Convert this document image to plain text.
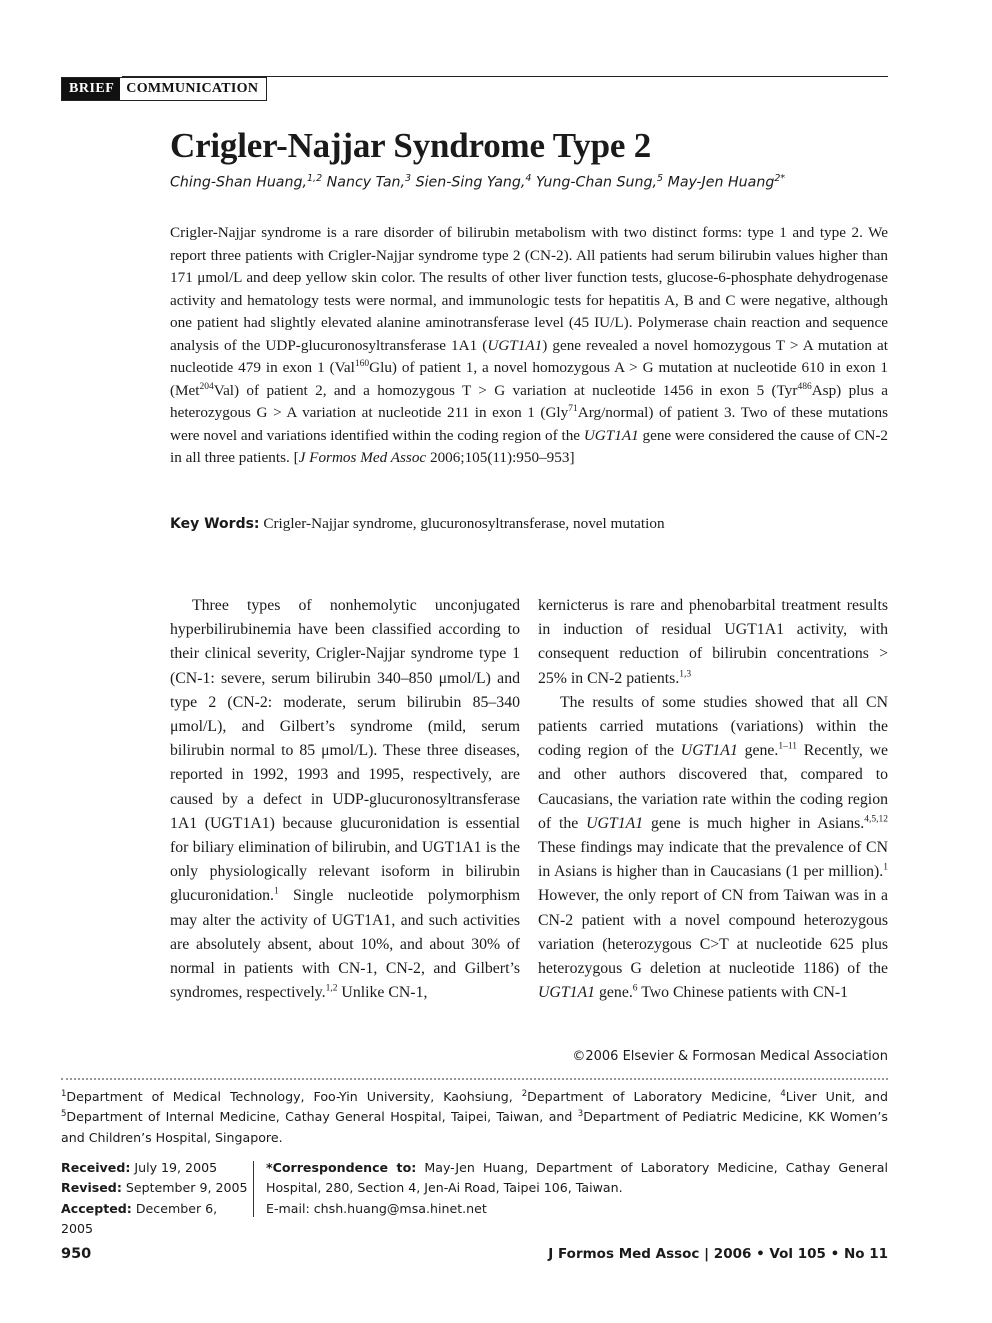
BRIEF COMMUNICATION
Crigler-Najjar Syndrome Type 2
Ching-Shan Huang,$^{1,2}$ Nancy Tan,$^3$ Sien-Sing Yang,$^4$ Yung-Chan Sung,$^5$ May-Jen Huang$^{2*}$

Crigler-Najjar syndrome is a rare disorder of bilirubin metabolism with two distinct forms: type 1 and type 2. We report three patients with Crigler-Najjar syndrome type 2 (CN-2). All patients had serum bilirubin values higher than 171 μmol/L and deep yellow skin color. The results of other liver function tests, glucose-6-phosphate dehydrogenase activity and hematology tests were normal, and immunologic tests for hepatitis A, B and C were negative, although one patient had slightly elevated alanine aminotransferase level (45 IU/L). Polymerase chain reaction and sequence analysis of the UDP-glucuronosyltransferase 1A1 (UGT1A1) gene revealed a novel homozygous T > A mutation at nucleotide 479 in exon 1 (Val$^{160}$Glu) of patient 1, a novel homozygous A > G mutation at nucleotide 610 in exon 1 (Met$^{204}$Val) of patient 2, and a homozygous T > G variation at nucleotide 1456 in exon 5 (Tyr$^{486}$Asp) plus a heterozygous G > A variation at nucleotide 211 in exon 1 (Gly$^{71}$Arg/normal) of patient 3. Two of these mutations were novel and variations identified within the coding region of the UGT1A1 gene were considered the cause of CN-2 in all three patients. [J Formos Med Assoc 2006;105(11):950–953]

Key Words: Crigler-Najjar syndrome, glucuronosyltransferase, novel mutation

Three types of nonhemolytic unconjugated hyperbilirubinemia have been classified according to their clinical severity, Crigler-Najjar syndrome type 1 (CN-1: severe, serum bilirubin 340–850 μmol/L) and type 2 (CN-2: moderate, serum bilirubin 85–340 μmol/L), and Gilbert’s syndrome (mild, serum bilirubin normal to 85 μmol/L). These three diseases, reported in 1992, 1993 and 1995, respectively, are caused by a defect in UDP-glucuronosyltransferase 1A1 (UGT1A1) because glucuronidation is essential for biliary elimination of bilirubin, and UGT1A1 is the only physiologically relevant isoform in bilirubin glucuronidation.$^1$ Single nucleotide polymorphism may alter the activity of UGT1A1, and such activities are absolutely absent, about 10%, and about 30% of normal in patients with CN-1, CN-2, and Gilbert’s syndromes, respectively.$^{1,2}$ Unlike CN-1,

kernicterus is rare and phenobarbital treatment results in induction of residual UGT1A1 activity, with consequent reduction of bilirubin concentrations > 25% in CN-2 patients.$^{1,3}$

The results of some studies showed that all CN patients carried mutations (variations) within the coding region of the UGT1A1 gene.$^{1-11}$ Recently, we and other authors discovered that, compared to Caucasians, the variation rate within the coding region of the UGT1A1 gene is much higher in Asians.$^{4,5,12}$ These findings may indicate that the prevalence of CN in Asians is higher than in Caucasians (1 per million).$^1$ However, the only report of CN from Taiwan was in a CN-2 patient with a novel compound heterozygous variation (heterozygous C>T at nucleotide 625 plus heterozygous G deletion at nucleotide 1186) of the UGT1A1 gene.$^6$ Two Chinese patients with CN-1

©2006 Elsevier & Formosan Medical Association

$^1$Department of Medical Technology, Foo-Yin University, Kaohsiung, $^2$Department of Laboratory Medicine, $^4$Liver Unit, and $^5$Department of Internal Medicine, Cathay General Hospital, Taipei, Taiwan, and $^3$Department of Pediatric Medicine, KK Women’s and Children’s Hospital, Singapore.

Received: July 19, 2005
Revised: September 9, 2005
Accepted: December 6, 2005
*Correspondence to: May-Jen Huang, Department of Laboratory Medicine, Cathay General Hospital, 280, Section 4, Jen-Ai Road, Taipei 106, Taiwan.
E-mail: chsh.huang@msa.hinet.net
950	J Formos Med Assoc | 2006 • Vol 105 • No 11
